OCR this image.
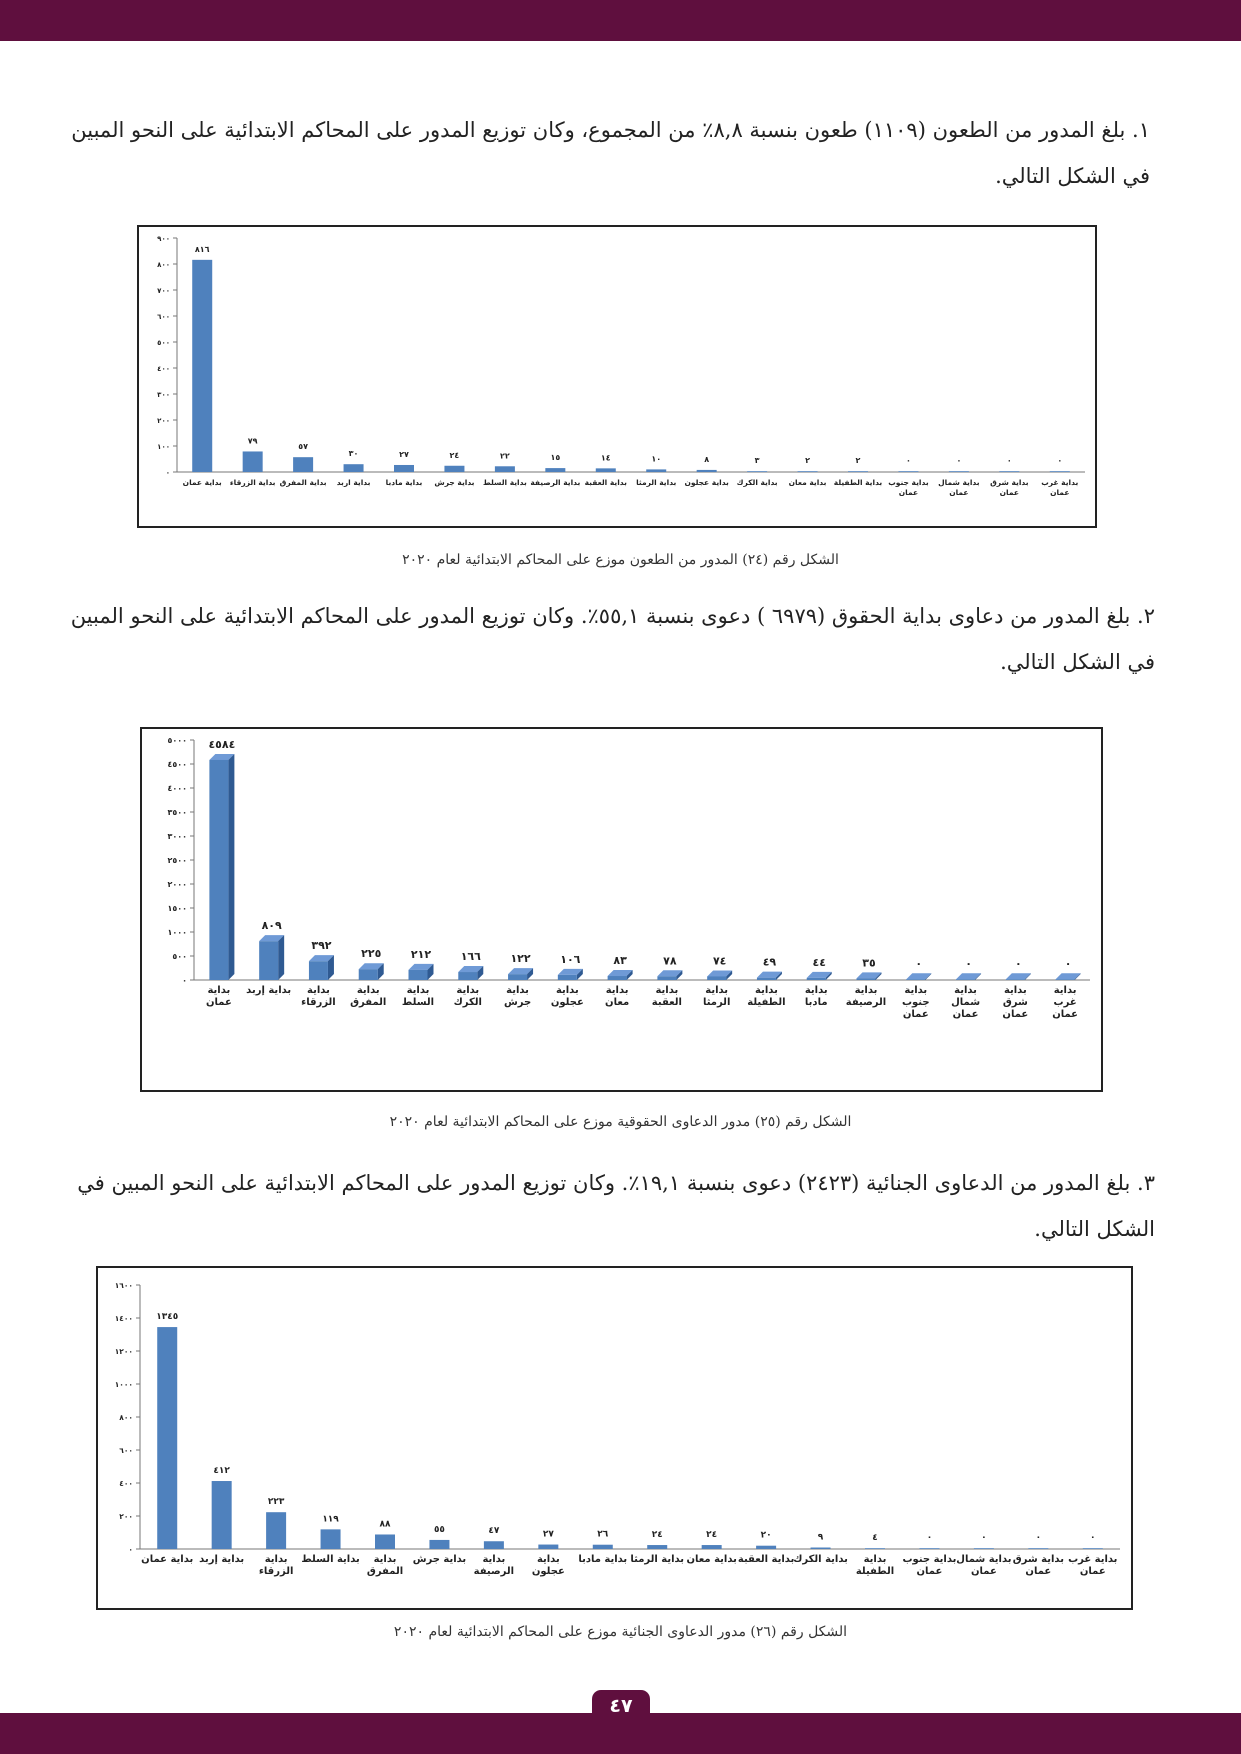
١. بلغ المدور من الطعون (١١٠٩) طعون بنسبة ٨,٨٪ من المجموع، وكان توزيع المدور على المحاكم الابتدائية على النحو المبين في الشكل التالي.

٠
١٠٠
٢٠٠
٣٠٠
٤٠٠
٥٠٠
٦٠٠
٧٠٠
٨٠٠
٩٠٠
٨١٦
بداية عمان
٧٩
بداية الزرقاء
٥٧
بداية المفرق
٣٠
بداية اربد
٢٧
بداية مادبا
٢٤
بداية جرش
٢٢
بداية السلط
١٥
بداية الرصيفة
١٤
بداية العقبة
١٠
بداية الرمثا
٨
بداية عجلون
٣
بداية الكرك
٢
بداية معان
٢
بداية الطفيلة
٠
بداية جنوب
عمان
٠
بداية شمال
عمان
٠
بداية شرق
عمان
٠
بداية غرب
عمان
الشكل رقم (٢٤) المدور من الطعون موزع على المحاكم الابتدائية لعام ٢٠٢٠

٢. بلغ المدور من دعاوى بداية الحقوق (٦٩٧٩ ) دعوى بنسبة ٥٥,١٪. وكان توزيع المدور على المحاكم الابتدائية على النحو المبين في الشكل التالي.

٠
٥٠٠
١٠٠٠
١٥٠٠
٢٠٠٠
٢٥٠٠
٣٠٠٠
٣٥٠٠
٤٠٠٠
٤٥٠٠
٥٠٠٠ ٤٥٨٤
بداية
عمان
٨٠٩
بداية إربد
٣٩٢
بداية
الزرقاء
٢٢٥
بداية
المفرق
٢١٢
بداية
السلط
١٦٦
بداية
الكرك
١٢٢
بداية
جرش
١٠٦
بداية
عجلون
٨٣
بداية
معان
٧٨
بداية
العقبة
٧٤
بداية
الرمثا
٤٩
بداية
الطفيلة
٤٤
بداية
مادبا
٣٥
بداية
الرصيفة
٠
بداية
جنوب
عمان
٠
بداية
شمال
عمان
٠
بداية
شرق
عمان
٠
بداية
غرب
عمان
الشكل رقم (٢٥) مدور الدعاوى الحقوقية موزع على المحاكم الابتدائية لعام ٢٠٢٠

٣. بلغ المدور من الدعاوى الجنائية (٢٤٢٣) دعوى بنسبة ١٩,١٪. وكان توزيع المدور على المحاكم الابتدائية على النحو المبين في الشكل التالي.

٠
٢٠٠
٤٠٠
٦٠٠
٨٠٠
١٠٠٠
١٢٠٠
١٤٠٠
١٦٠٠
١٣٤٥
بداية عمان
٤١٢
بداية إربد
٢٢٣
بداية
الزرقاء
١١٩
بداية السلط
٨٨
بداية
المفرق
٥٥
بداية جرش
٤٧
بداية
الرصيفة
٢٧
بداية
عجلون
٢٦
بداية مادبا
٢٤
بداية الرمثا
٢٤
بداية معان
٢٠
بداية العقبة
٩
بداية الكرك
٤
بداية
الطفيلة
٠
بداية جنوب
عمان
٠
بداية شمال
عمان
٠
بداية شرق
عمان
٠
بداية غرب
عمان
الشكل رقم (٢٦) مدور الدعاوى الجنائية موزع على المحاكم الابتدائية لعام ٢٠٢٠
٤٧
